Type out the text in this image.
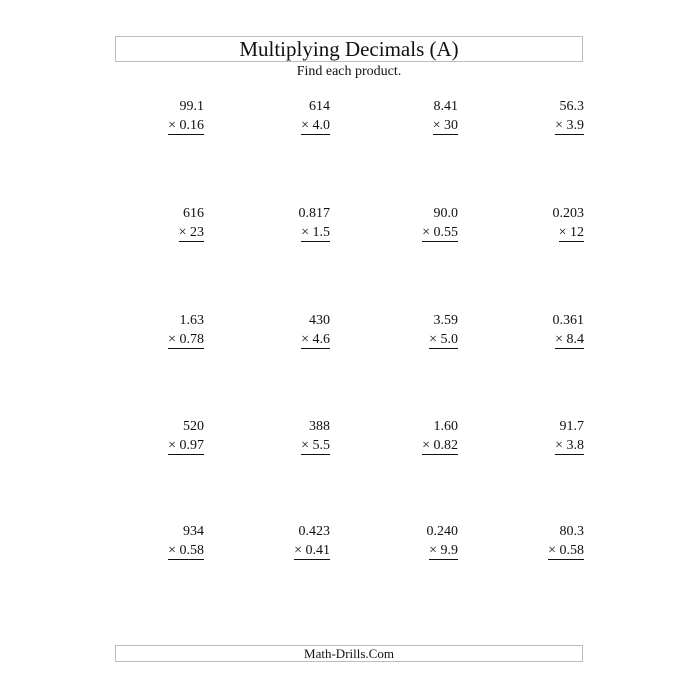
Multiplying Decimals (A)
Find each product.
99.1
× 0.16
614
× 4.0
8.41
× 30
56.3
× 3.9
616
× 23
0.817
× 1.5
90.0
× 0.55
0.203
× 12
1.63
× 0.78
430
× 4.6
3.59
× 5.0
0.361
× 8.4
520
× 0.97
388
× 5.5
1.60
× 0.82
91.7
× 3.8
934
× 0.58
0.423
× 0.41
0.240
× 9.9
80.3
× 0.58
Math-Drills.Com
